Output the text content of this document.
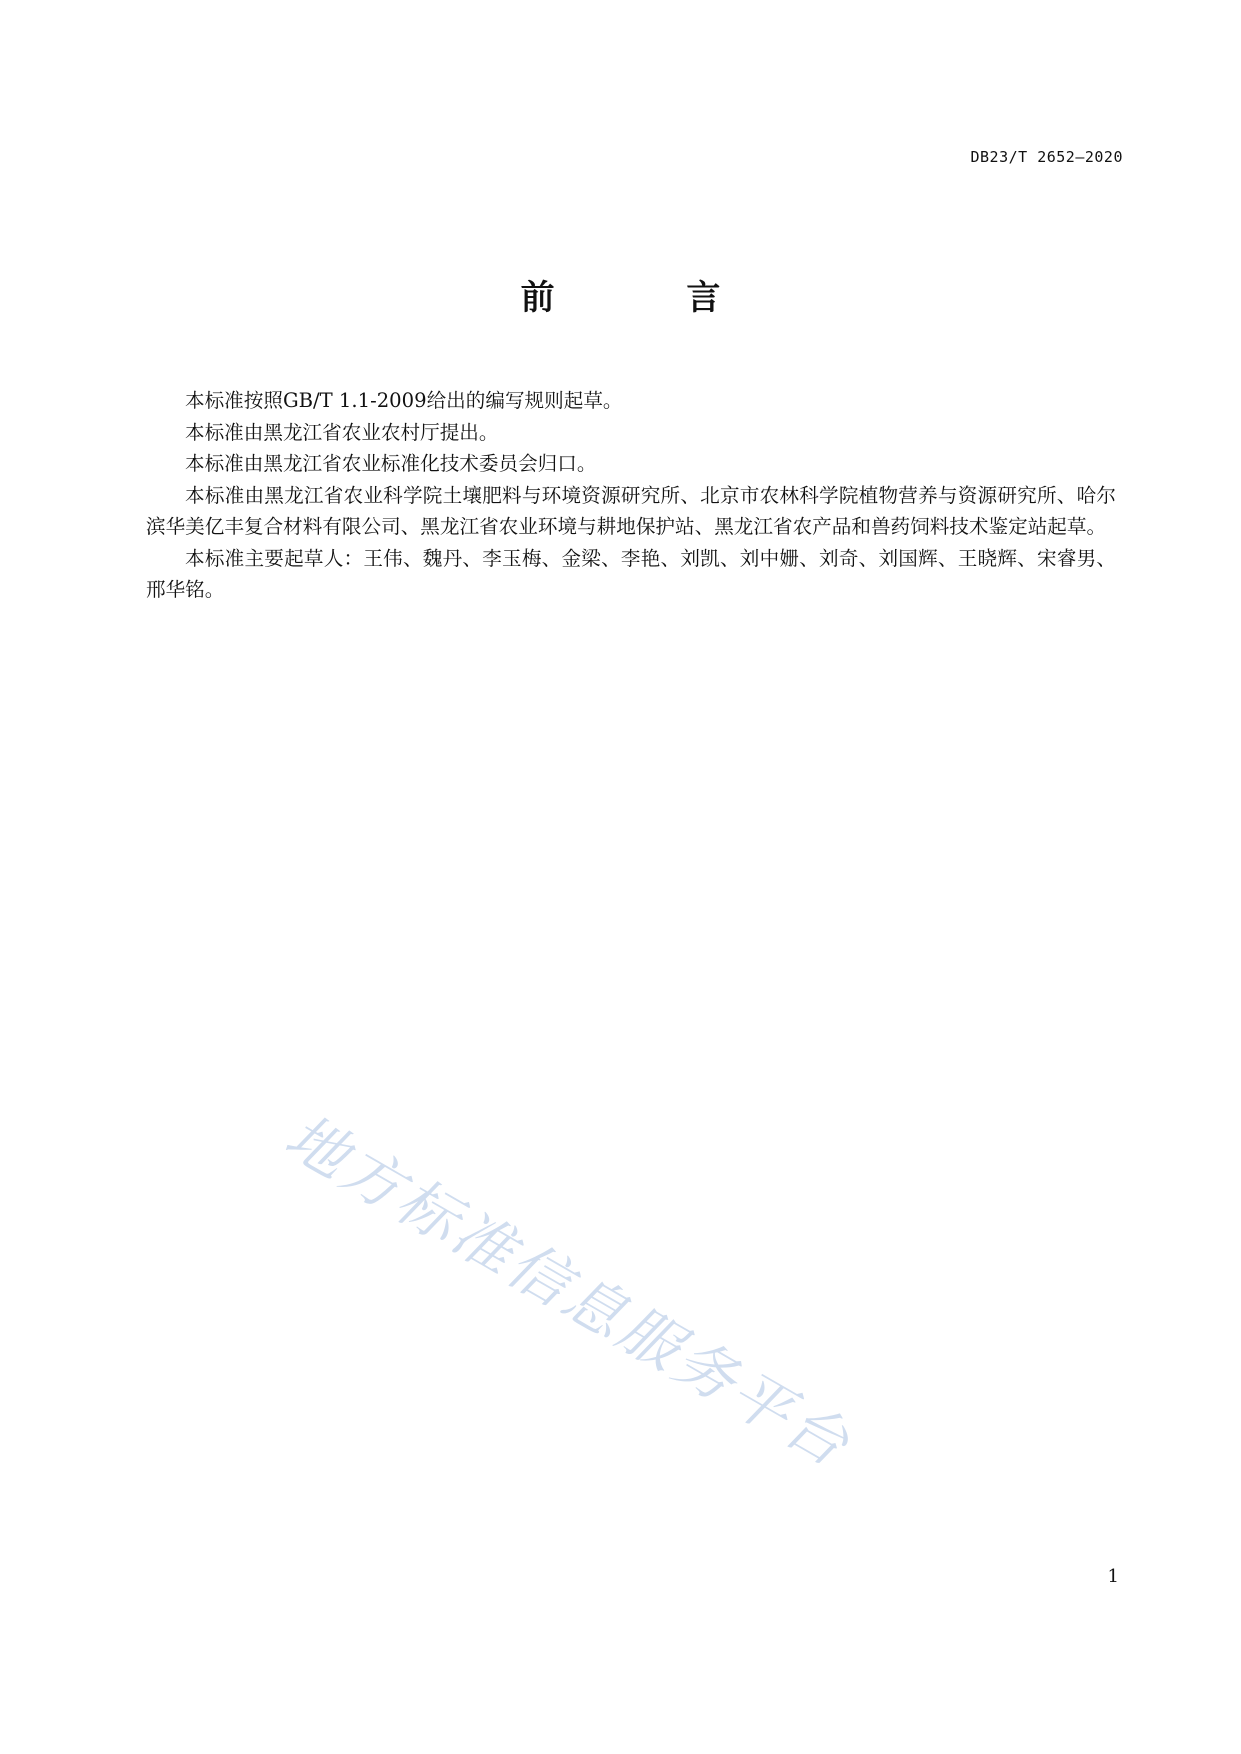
DB23/T 2652—2020
前 言

本标准按照GB/T 1.1-2009给出的编写规则起草。

本标准由黑龙江省农业农村厅提出。

本标准由黑龙江省农业标准化技术委员会归口。

本标准由黑龙江省农业科学院土壤肥料与环境资源研究所、北京市农林科学院植物营养与资源研究所、哈尔滨华美亿丰复合材料有限公司、黑龙江省农业环境与耕地保护站、黑龙江省农产品和兽药饲料技术鉴定站起草。

本标准主要起草人：王伟、魏丹、李玉梅、金梁、李艳、刘凯、刘中姗、刘奇、刘国辉、王晓辉、宋睿男、邢华铭。

地方标准信息服务平台
1
